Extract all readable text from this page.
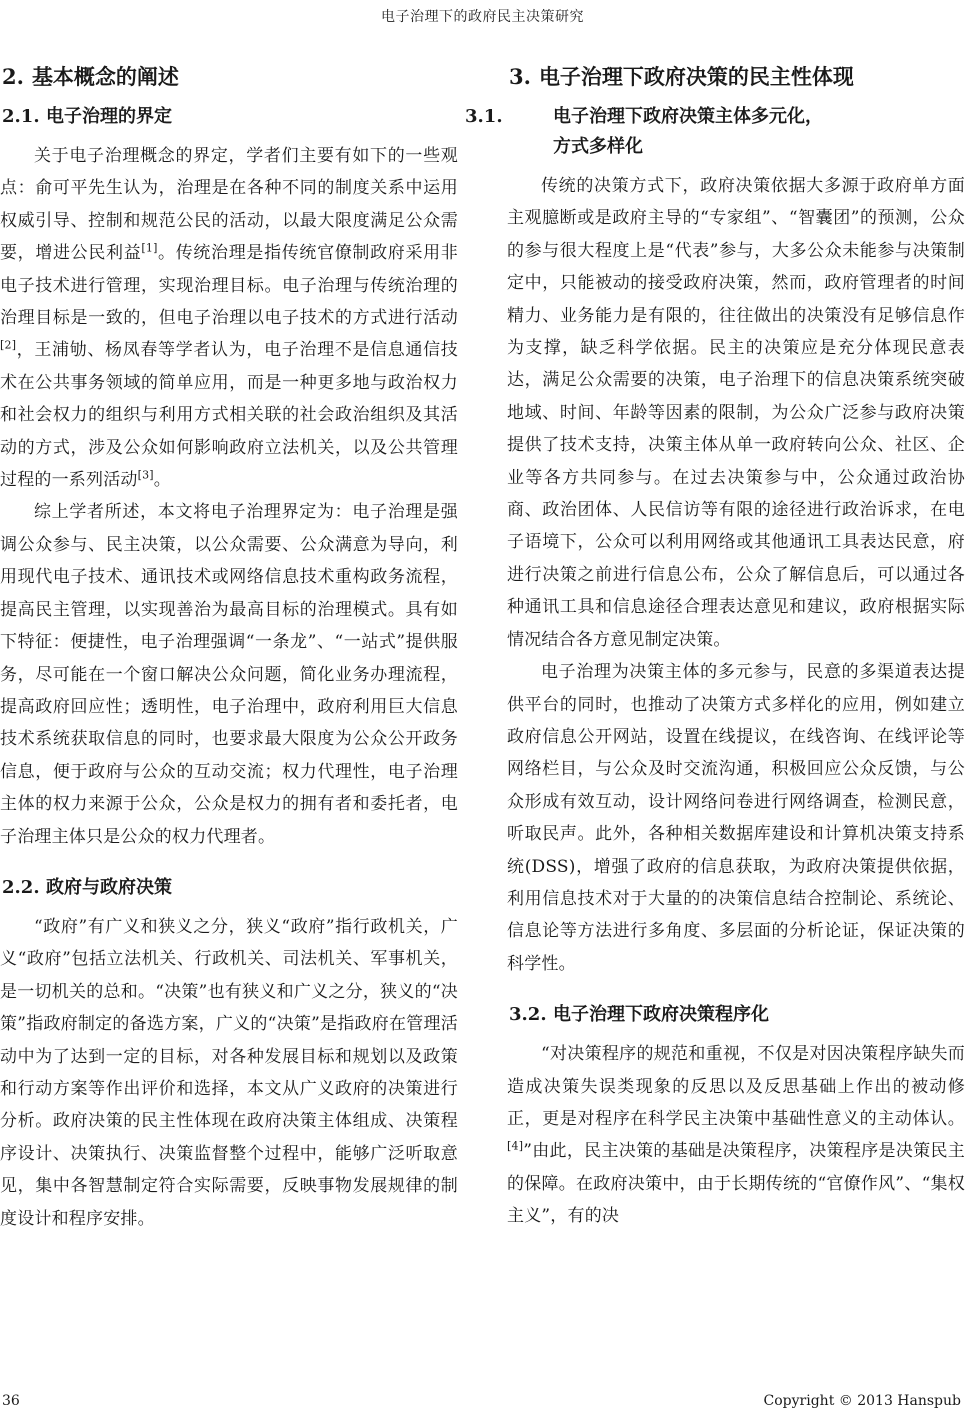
电子治理下的政府民主决策研究
2. 基本概念的阐述
2.1. 电子治理的界定

关于电子治理概念的界定，学者们主要有如下的一些观点：俞可平先生认为，治理是在各种不同的制度关系中运用权威引导、控制和规范公民的活动，以最大限度满足公众需要，增进公民利益[1]。传统治理是指传统官僚制政府采用非电子技术进行管理，实现治理目标。电子治理与传统治理的治理目标是一致的，但电子治理以电子技术的方式进行活动[2]，王浦劬、杨凤春等学者认为，电子治理不是信息通信技术在公共事务领域的简单应用，而是一种更多地与政治权力和社会权力的组织与利用方式相关联的社会政治组织及其活动的方式，涉及公众如何影响政府立法机关，以及公共管理过程的一系列活动[3]。

综上学者所述，本文将电子治理界定为：电子治理是强调公众参与、民主决策，以公众需要、公众满意为导向，利用现代电子技术、通讯技术或网络信息技术重构政务流程，提高民主管理，以实现善治为最高目标的治理模式。具有如下特征：便捷性，电子治理强调“一条龙”、“一站式”提供服务，尽可能在一个窗口解决公众问题，简化业务办理流程，提高政府回应性；透明性，电子治理中，政府利用巨大信息技术系统获取信息的同时，也要求最大限度为公众公开政务信息，便于政府与公众的互动交流；权力代理性，电子治理主体的权力来源于公众，公众是权力的拥有者和委托者，电子治理主体只是公众的权力代理者。

2.2. 政府与政府决策

“政府”有广义和狭义之分，狭义“政府”指行政机关，广义“政府”包括立法机关、行政机关、司法机关、军事机关，是一切机关的总和。“决策”也有狭义和广义之分，狭义的“决策”指政府制定的备选方案，广义的“决策”是指政府在管理活动中为了达到一定的目标，对各种发展目标和规划以及政策和行动方案等作出评价和选择，本文从广义政府的决策进行分析。政府决策的民主性体现在政府决策主体组成、决策程序设计、决策执行、决策监督整个过程中，能够广泛听取意见，集中各智慧制定符合实际需要，反映事物发展规律的制度设计和程序安排。

3. 电子治理下政府决策的民主性体现
3.1.	电子治理下政府决策主体多元化，
方式多样化

传统的决策方式下，政府决策依据大多源于政府单方面主观臆断或是政府主导的“专家组”、“智囊团”的预测，公众的参与很大程度上是“代表”参与，大多公众未能参与决策制定中，只能被动的接受政府决策，然而，政府管理者的时间精力、业务能力是有限的，往往做出的决策没有足够信息作为支撑，缺乏科学依据。民主的决策应是充分体现民意表达，满足公众需要的决策，电子治理下的信息决策系统突破地域、时间、年龄等因素的限制，为公众广泛参与政府决策提供了技术支持，决策主体从单一政府转向公众、社区、企业等各方共同参与。在过去决策参与中，公众通过政治协商、政治团体、人民信访等有限的途径进行政治诉求，在电子语境下，公众可以利用网络或其他通讯工具表达民意，府进行决策之前进行信息公布，公众了解信息后，可以通过各种通讯工具和信息途径合理表达意见和建议，政府根据实际情况结合各方意见制定决策。

电子治理为决策主体的多元参与，民意的多渠道表达提供平台的同时，也推动了决策方式多样化的应用，例如建立政府信息公开网站，设置在线提议，在线咨询、在线评论等网络栏目，与公众及时交流沟通，积极回应公众反馈，与公众形成有效互动，设计网络问卷进行网络调查，检测民意，听取民声。此外，各种相关数据库建设和计算机决策支持系统(DSS)，增强了政府的信息获取，为政府决策提供依据，利用信息技术对于大量的的决策信息结合控制论、系统论、信息论等方法进行多角度、多层面的分析论证，保证决策的科学性。

3.2. 电子治理下政府决策程序化

“对决策程序的规范和重视，不仅是对因决策程序缺失而造成决策失误类现象的反思以及反思基础上作出的被动修正，更是对程序在科学民主决策中基础性意义的主动体认。[4]”由此，民主决策的基础是决策程序，决策程序是决策民主的保障。在政府决策中，由于长期传统的“官僚作风”、“集权主义”，有的决

36	Copyright © 2013 Hanspub
